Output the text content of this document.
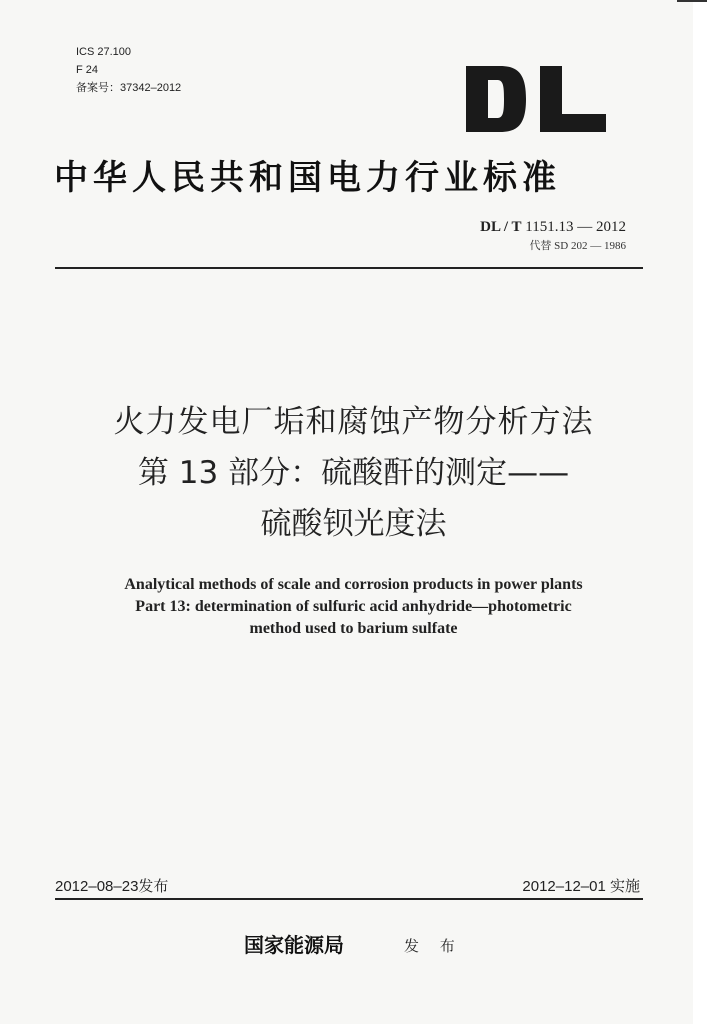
ICS 27.100
F 24
备案号：37342–2012
中华人民共和国电力行业标准
DL / T 1151.13 — 2012
代替 SD 202 — 1986
火力发电厂垢和腐蚀产物分析方法
第 13 部分：硫酸酐的测定——
硫酸钡光度法
Analytical methods of scale and corrosion products in power plants
Part 13: determination of sulfuric acid anhydride—photometric
method used to barium sulfate
2012–08–23发布	2012–12–01 实施
国家能源局	发 布
